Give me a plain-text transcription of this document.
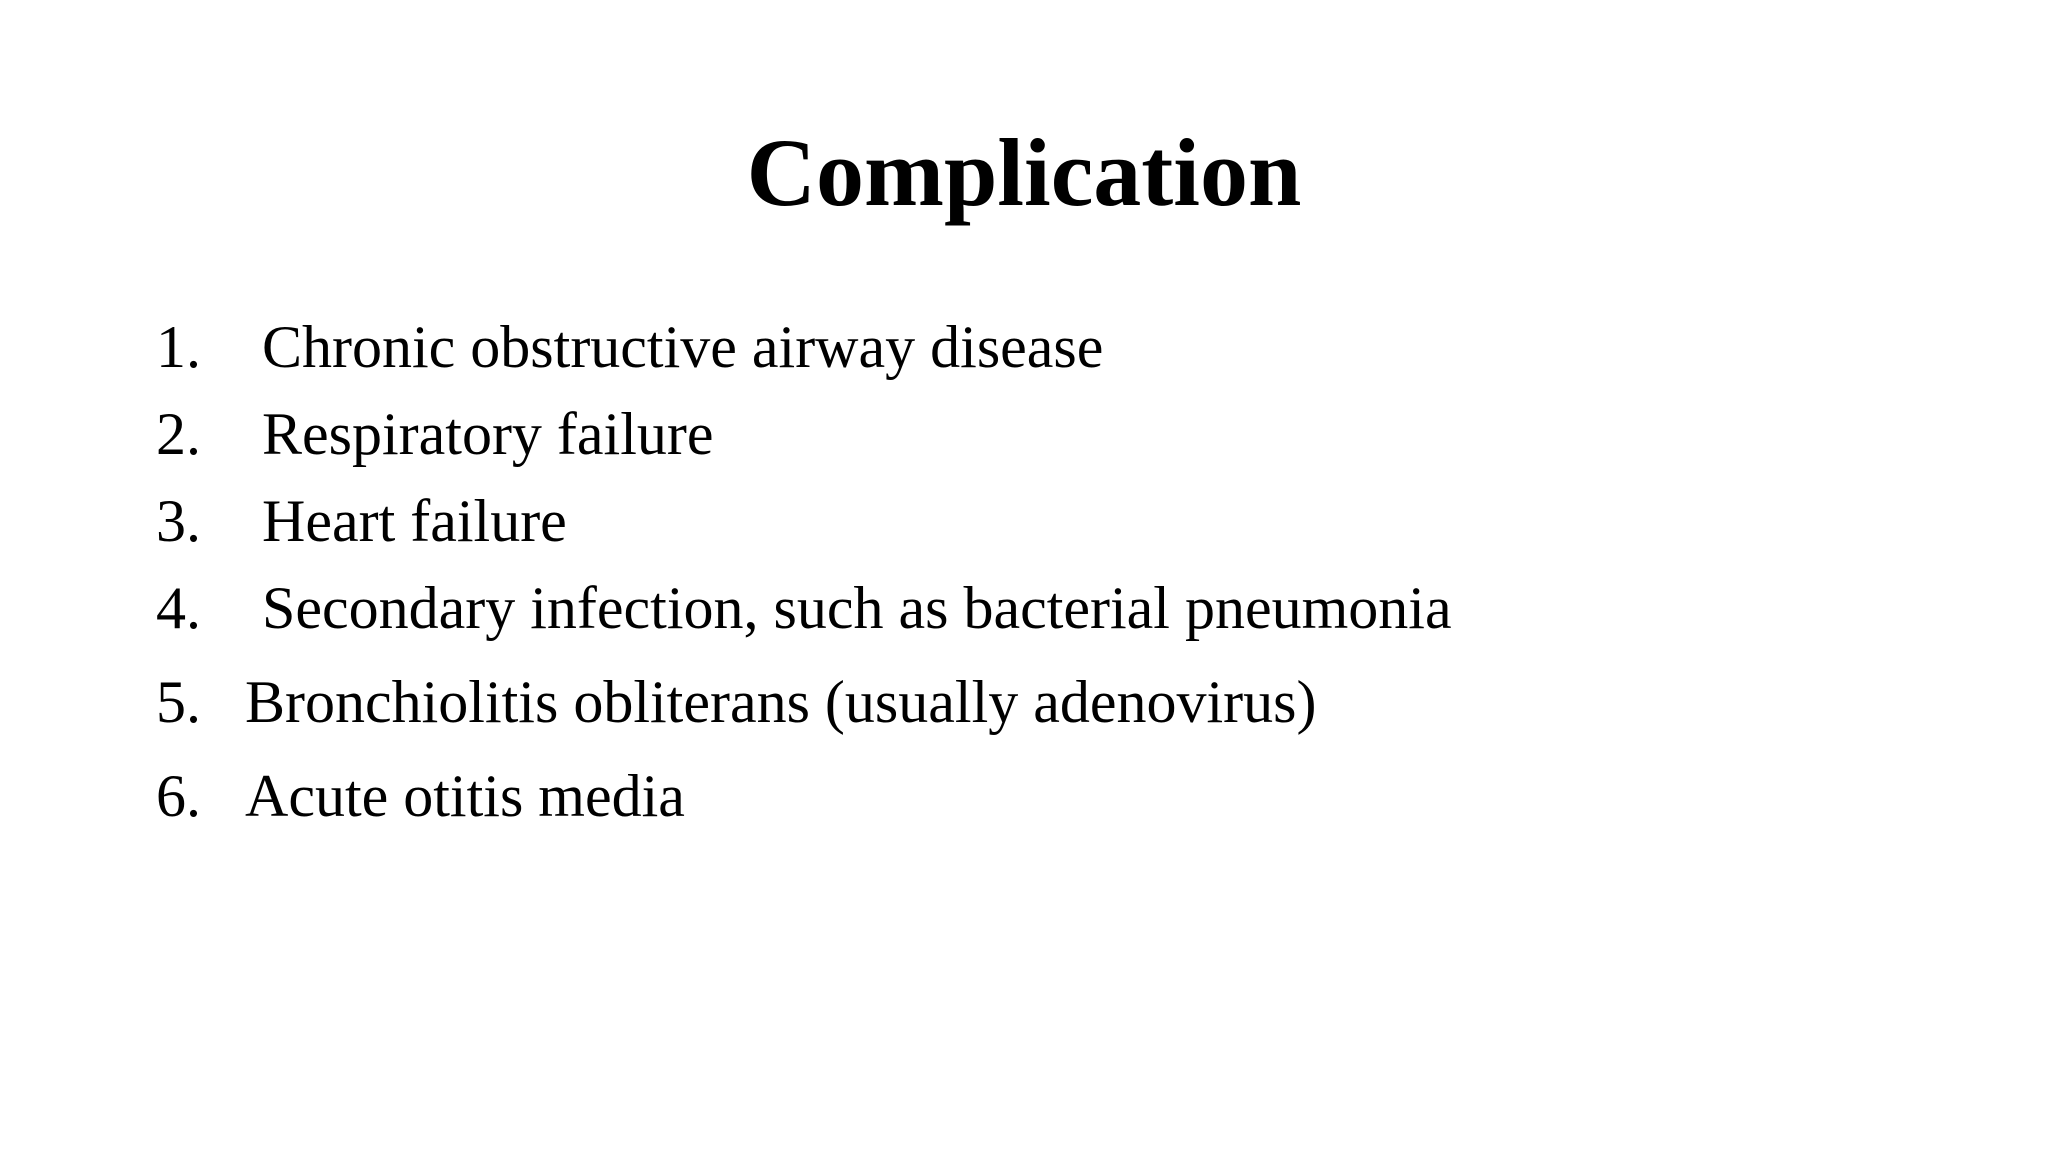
Complication
1. Chronic obstructive airway disease
2. Respiratory failure
3. Heart failure
4. Secondary infection, such as bacterial pneumonia
5. Bronchiolitis obliterans (usually adenovirus)
6. Acute otitis media
